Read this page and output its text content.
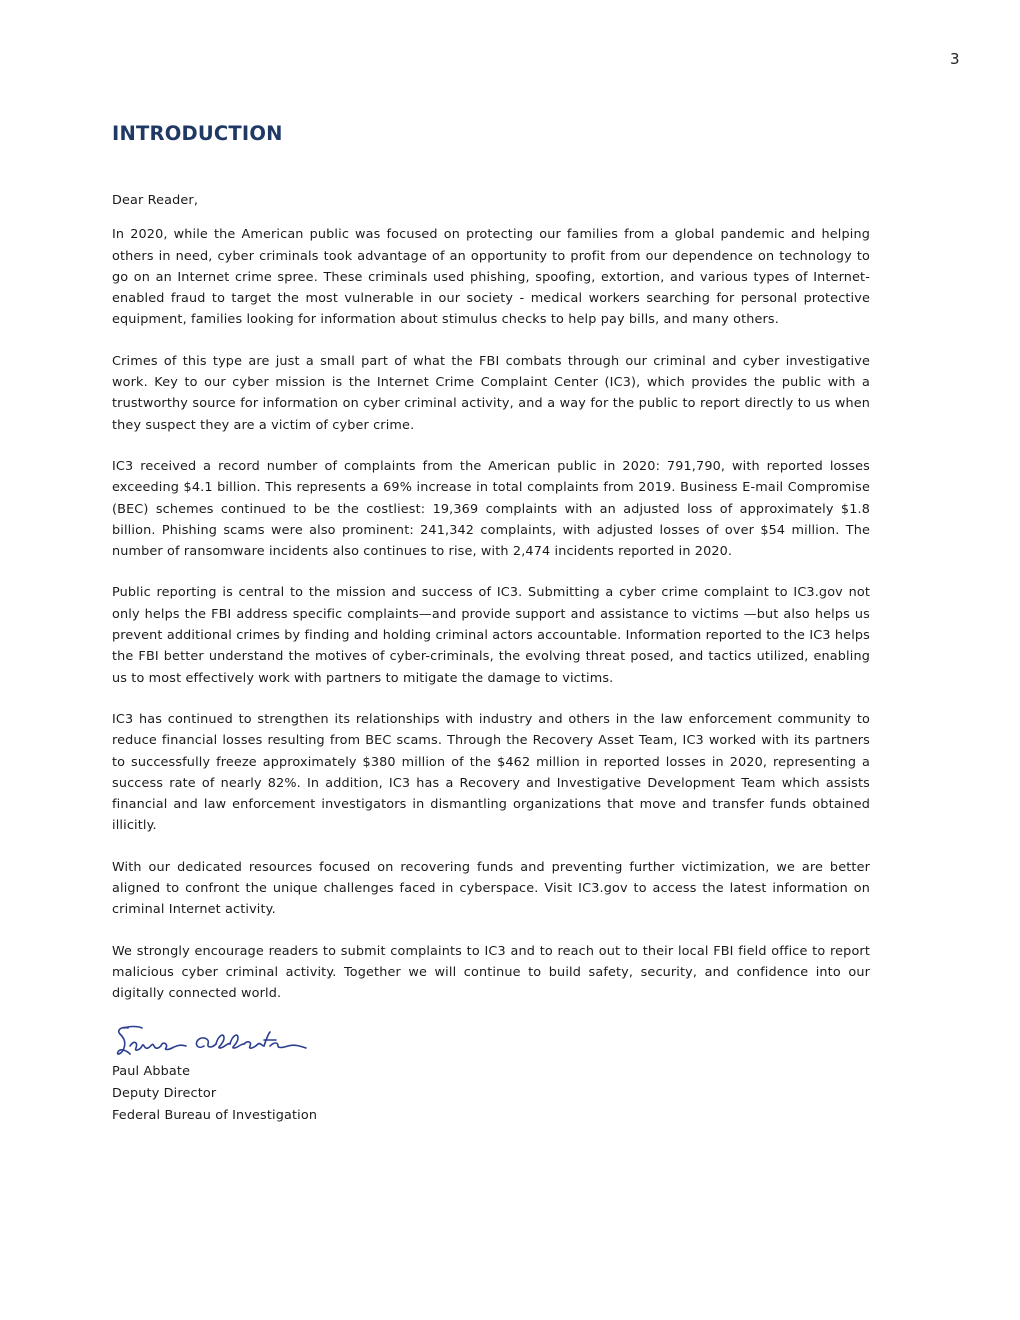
3
INTRODUCTION

Dear Reader,

In 2020, while the American public was focused on protecting our families from a global pandemic and helping others in need, cyber criminals took advantage of an opportunity to profit from our dependence on technology to go on an Internet crime spree. These criminals used phishing, spoofing, extortion, and various types of Internet-enabled fraud to target the most vulnerable in our society - medical workers searching for personal protective equipment, families looking for information about stimulus checks to help pay bills, and many others.

Crimes of this type are just a small part of what the FBI combats through our criminal and cyber investigative work. Key to our cyber mission is the Internet Crime Complaint Center (IC3), which provides the public with a trustworthy source for information on cyber criminal activity, and a way for the public to report directly to us when they suspect they are a victim of cyber crime.

IC3 received a record number of complaints from the American public in 2020: 791,790, with reported losses exceeding $4.1 billion. This represents a 69% increase in total complaints from 2019. Business E-mail Compromise (BEC) schemes continued to be the costliest: 19,369 complaints with an adjusted loss of approximately $1.8 billion. Phishing scams were also prominent: 241,342 complaints, with adjusted losses of over $54 million. The number of ransomware incidents also continues to rise, with 2,474 incidents reported in 2020.

Public reporting is central to the mission and success of IC3. Submitting a cyber crime complaint to IC3.gov not only helps the FBI address specific complaints—and provide support and assistance to victims —but also helps us prevent additional crimes by finding and holding criminal actors accountable. Information reported to the IC3 helps the FBI better understand the motives of cyber-criminals, the evolving threat posed, and tactics utilized, enabling us to most effectively work with partners to mitigate the damage to victims.

IC3 has continued to strengthen its relationships with industry and others in the law enforcement community to reduce financial losses resulting from BEC scams. Through the Recovery Asset Team, IC3 worked with its partners to successfully freeze approximately $380 million of the $462 million in reported losses in 2020, representing a success rate of nearly 82%. In addition, IC3 has a Recovery and Investigative Development Team which assists financial and law enforcement investigators in dismantling organizations that move and transfer funds obtained illicitly.

With our dedicated resources focused on recovering funds and preventing further victimization, we are better aligned to confront the unique challenges faced in cyberspace. Visit IC3.gov to access the latest information on criminal Internet activity.

We strongly encourage readers to submit complaints to IC3 and to reach out to their local FBI field office to report malicious cyber criminal activity. Together we will continue to build safety, security, and confidence into our digitally connected world.

Paul Abbate
Deputy Director
Federal Bureau of Investigation
